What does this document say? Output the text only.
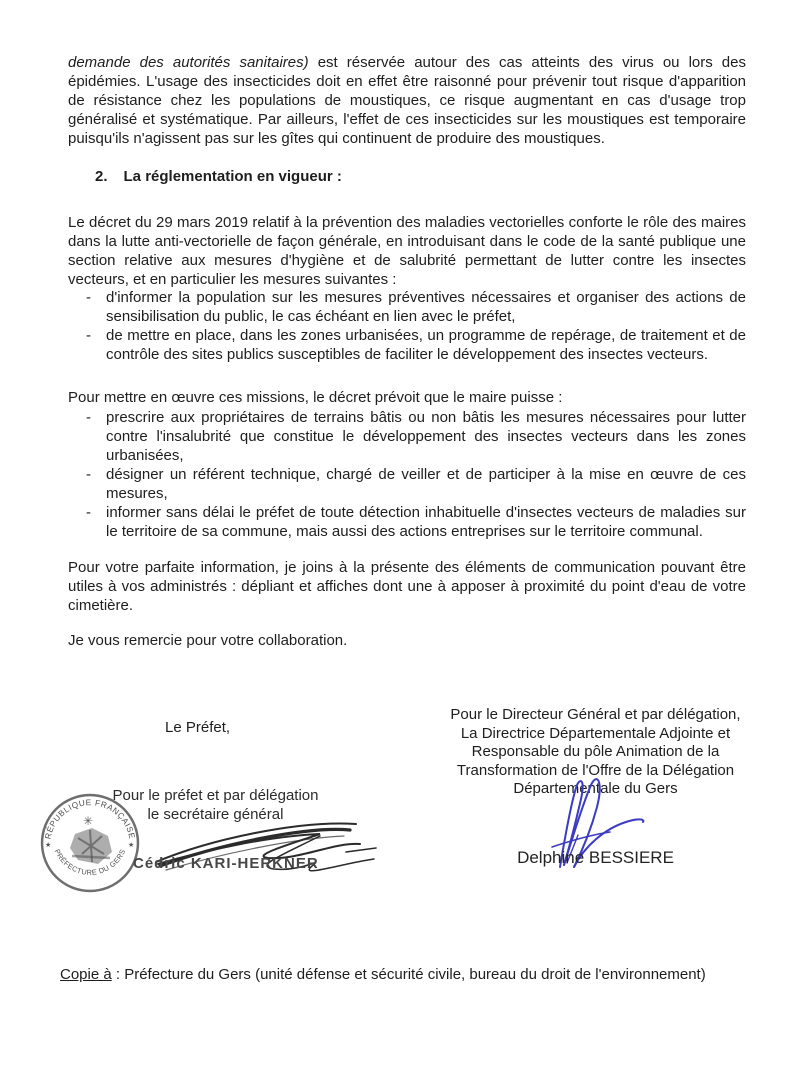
demande des autorités sanitaires) est réservée autour des cas atteints des virus ou lors des épidémies. L'usage des insecticides doit en effet être raisonné pour prévenir tout risque d'apparition de résistance chez les populations de moustiques, ce risque augmentant en cas d'usage trop généralisé et systématique. Par ailleurs, l'effet de ces insecticides sur les moustiques est temporaire puisqu'ils n'agissent pas sur les gîtes qui continuent de produire des moustiques.

2. La réglementation en vigueur :

Le décret du 29 mars 2019 relatif à la prévention des maladies vectorielles conforte le rôle des maires dans la lutte anti-vectorielle de façon générale, en introduisant dans le code de la santé publique une section relative aux mesures d'hygiène et de salubrité permettant de lutter contre les insectes vecteurs, et en particulier les mesures suivantes :

- d'informer la population sur les mesures préventives nécessaires et organiser des actions de sensibilisation du public, le cas échéant en lien avec le préfet,
- de mettre en place, dans les zones urbanisées, un programme de repérage, de traitement et de contrôle des sites publics susceptibles de faciliter le développement des insectes vecteurs.

Pour mettre en œuvre ces missions, le décret prévoit que le maire puisse :

- prescrire aux propriétaires de terrains bâtis ou non bâtis les mesures nécessaires pour lutter contre l'insalubrité que constitue le développement des insectes vecteurs dans les zones urbanisées,
- désigner un référent technique, chargé de veiller et de participer à la mise en œuvre de ces mesures,
- informer sans délai le préfet de toute détection inhabituelle d'insectes vecteurs de maladies sur le territoire de sa commune, mais aussi des actions entreprises sur le territoire communal.

Pour votre parfaite information, je joins à la présente des éléments de communication pouvant être utiles à vos administrés : dépliant et affiches dont une à apposer à proximité du point d'eau de votre cimetière.

Je vous remercie pour votre collaboration.

Le Préfet,
Pour le préfet et par délégation
le secrétaire général
RÉPUBLIQUE FRANÇAISE
PRÉFECTURE DU GERS
★	★
✳
Cédric KARI-HERKNER
Pour le Directeur Général et par délégation,
La Directrice Départementale Adjointe et
Responsable du pôle Animation de la
Transformation de l'Offre de la Délégation
Départementale du Gers
Delphine BESSIERE

Copie à : Préfecture du Gers (unité défense et sécurité civile, bureau du droit de l'environnement)
